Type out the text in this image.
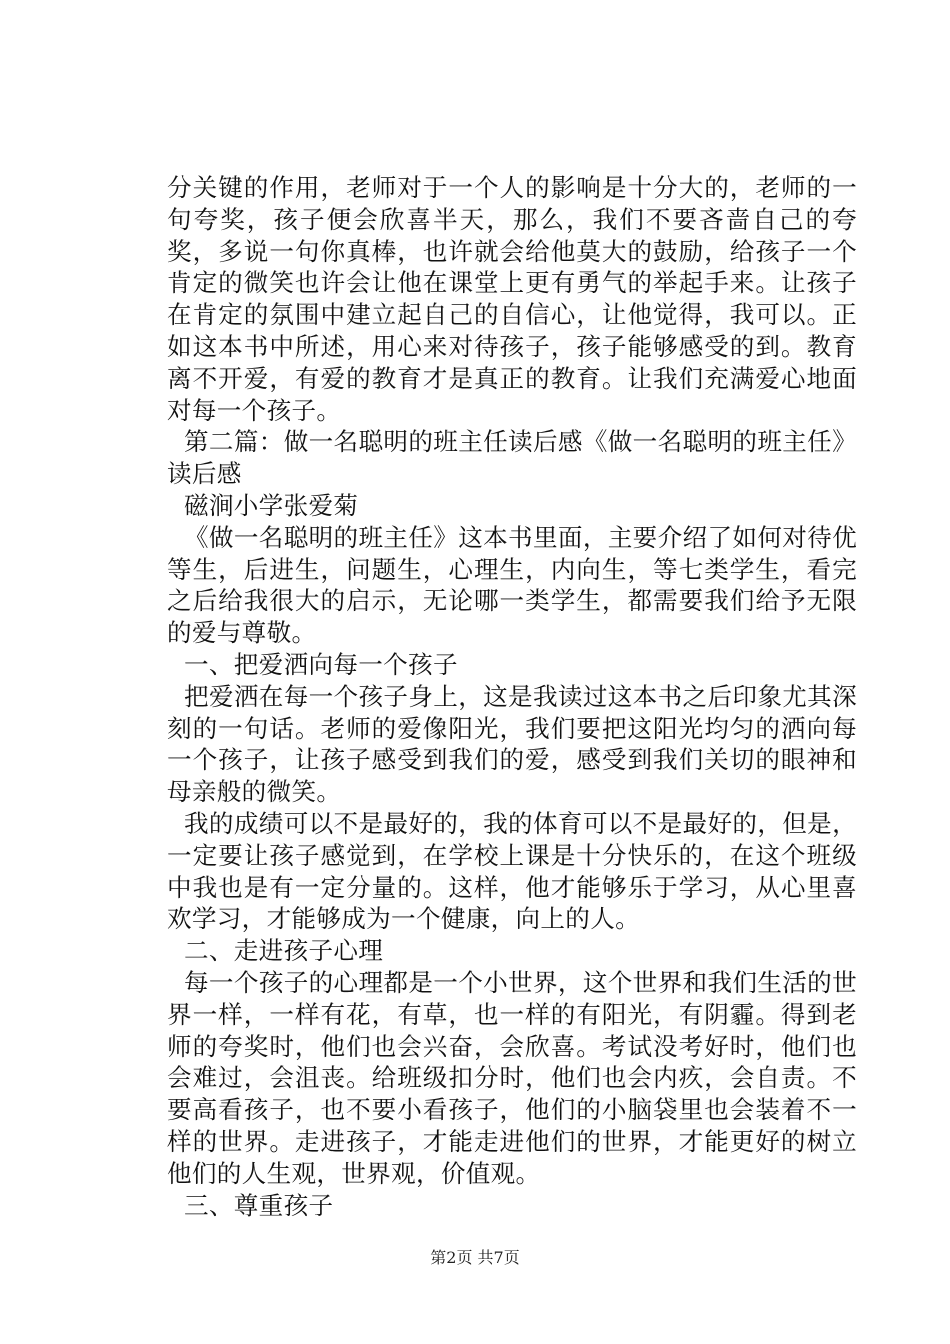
分关键的作用，老师对于一个人的影响是十分大的，老师的一句夸奖，孩子便会欣喜半天，那么，我们不要吝啬自己的夸奖，多说一句你真棒，也许就会给他莫大的鼓励，给孩子一个肯定的微笑也许会让他在课堂上更有勇气的举起手来。让孩子在肯定的氛围中建立起自己的自信心，让他觉得，我可以。正如这本书中所述，用心来对待孩子，孩子能够感受的到。教育离不开爱，有爱的教育才是真正的教育。让我们充满爱心地面对每一个孩子。

第二篇：做一名聪明的班主任读后感《做一名聪明的班主任》读后感

磁涧小学张爱菊

《做一名聪明的班主任》这本书里面，主要介绍了如何对待优等生，后进生，问题生，心理生，内向生，等七类学生，看完之后给我很大的启示，无论哪一类学生，都需要我们给予无限的爱与尊敬。

一、把爱洒向每一个孩子

把爱洒在每一个孩子身上，这是我读过这本书之后印象尤其深刻的一句话。老师的爱像阳光，我们要把这阳光均匀的洒向每一个孩子，让孩子感受到我们的爱，感受到我们关切的眼神和母亲般的微笑。

我的成绩可以不是最好的，我的体育可以不是最好的，但是，一定要让孩子感觉到，在学校上课是十分快乐的，在这个班级中我也是有一定分量的。这样，他才能够乐于学习，从心里喜欢学习，才能够成为一个健康，向上的人。

二、走进孩子心理

每一个孩子的心理都是一个小世界，这个世界和我们生活的世界一样，一样有花，有草，也一样的有阳光，有阴霾。得到老师的夸奖时，他们也会兴奋，会欣喜。考试没考好时，他们也会难过，会沮丧。给班级扣分时，他们也会内疚，会自责。不要高看孩子，也不要小看孩子，他们的小脑袋里也会装着不一样的世界。走进孩子，才能走进他们的世界，才能更好的树立他们的人生观，世界观，价值观。

三、尊重孩子

第2页 共7页
